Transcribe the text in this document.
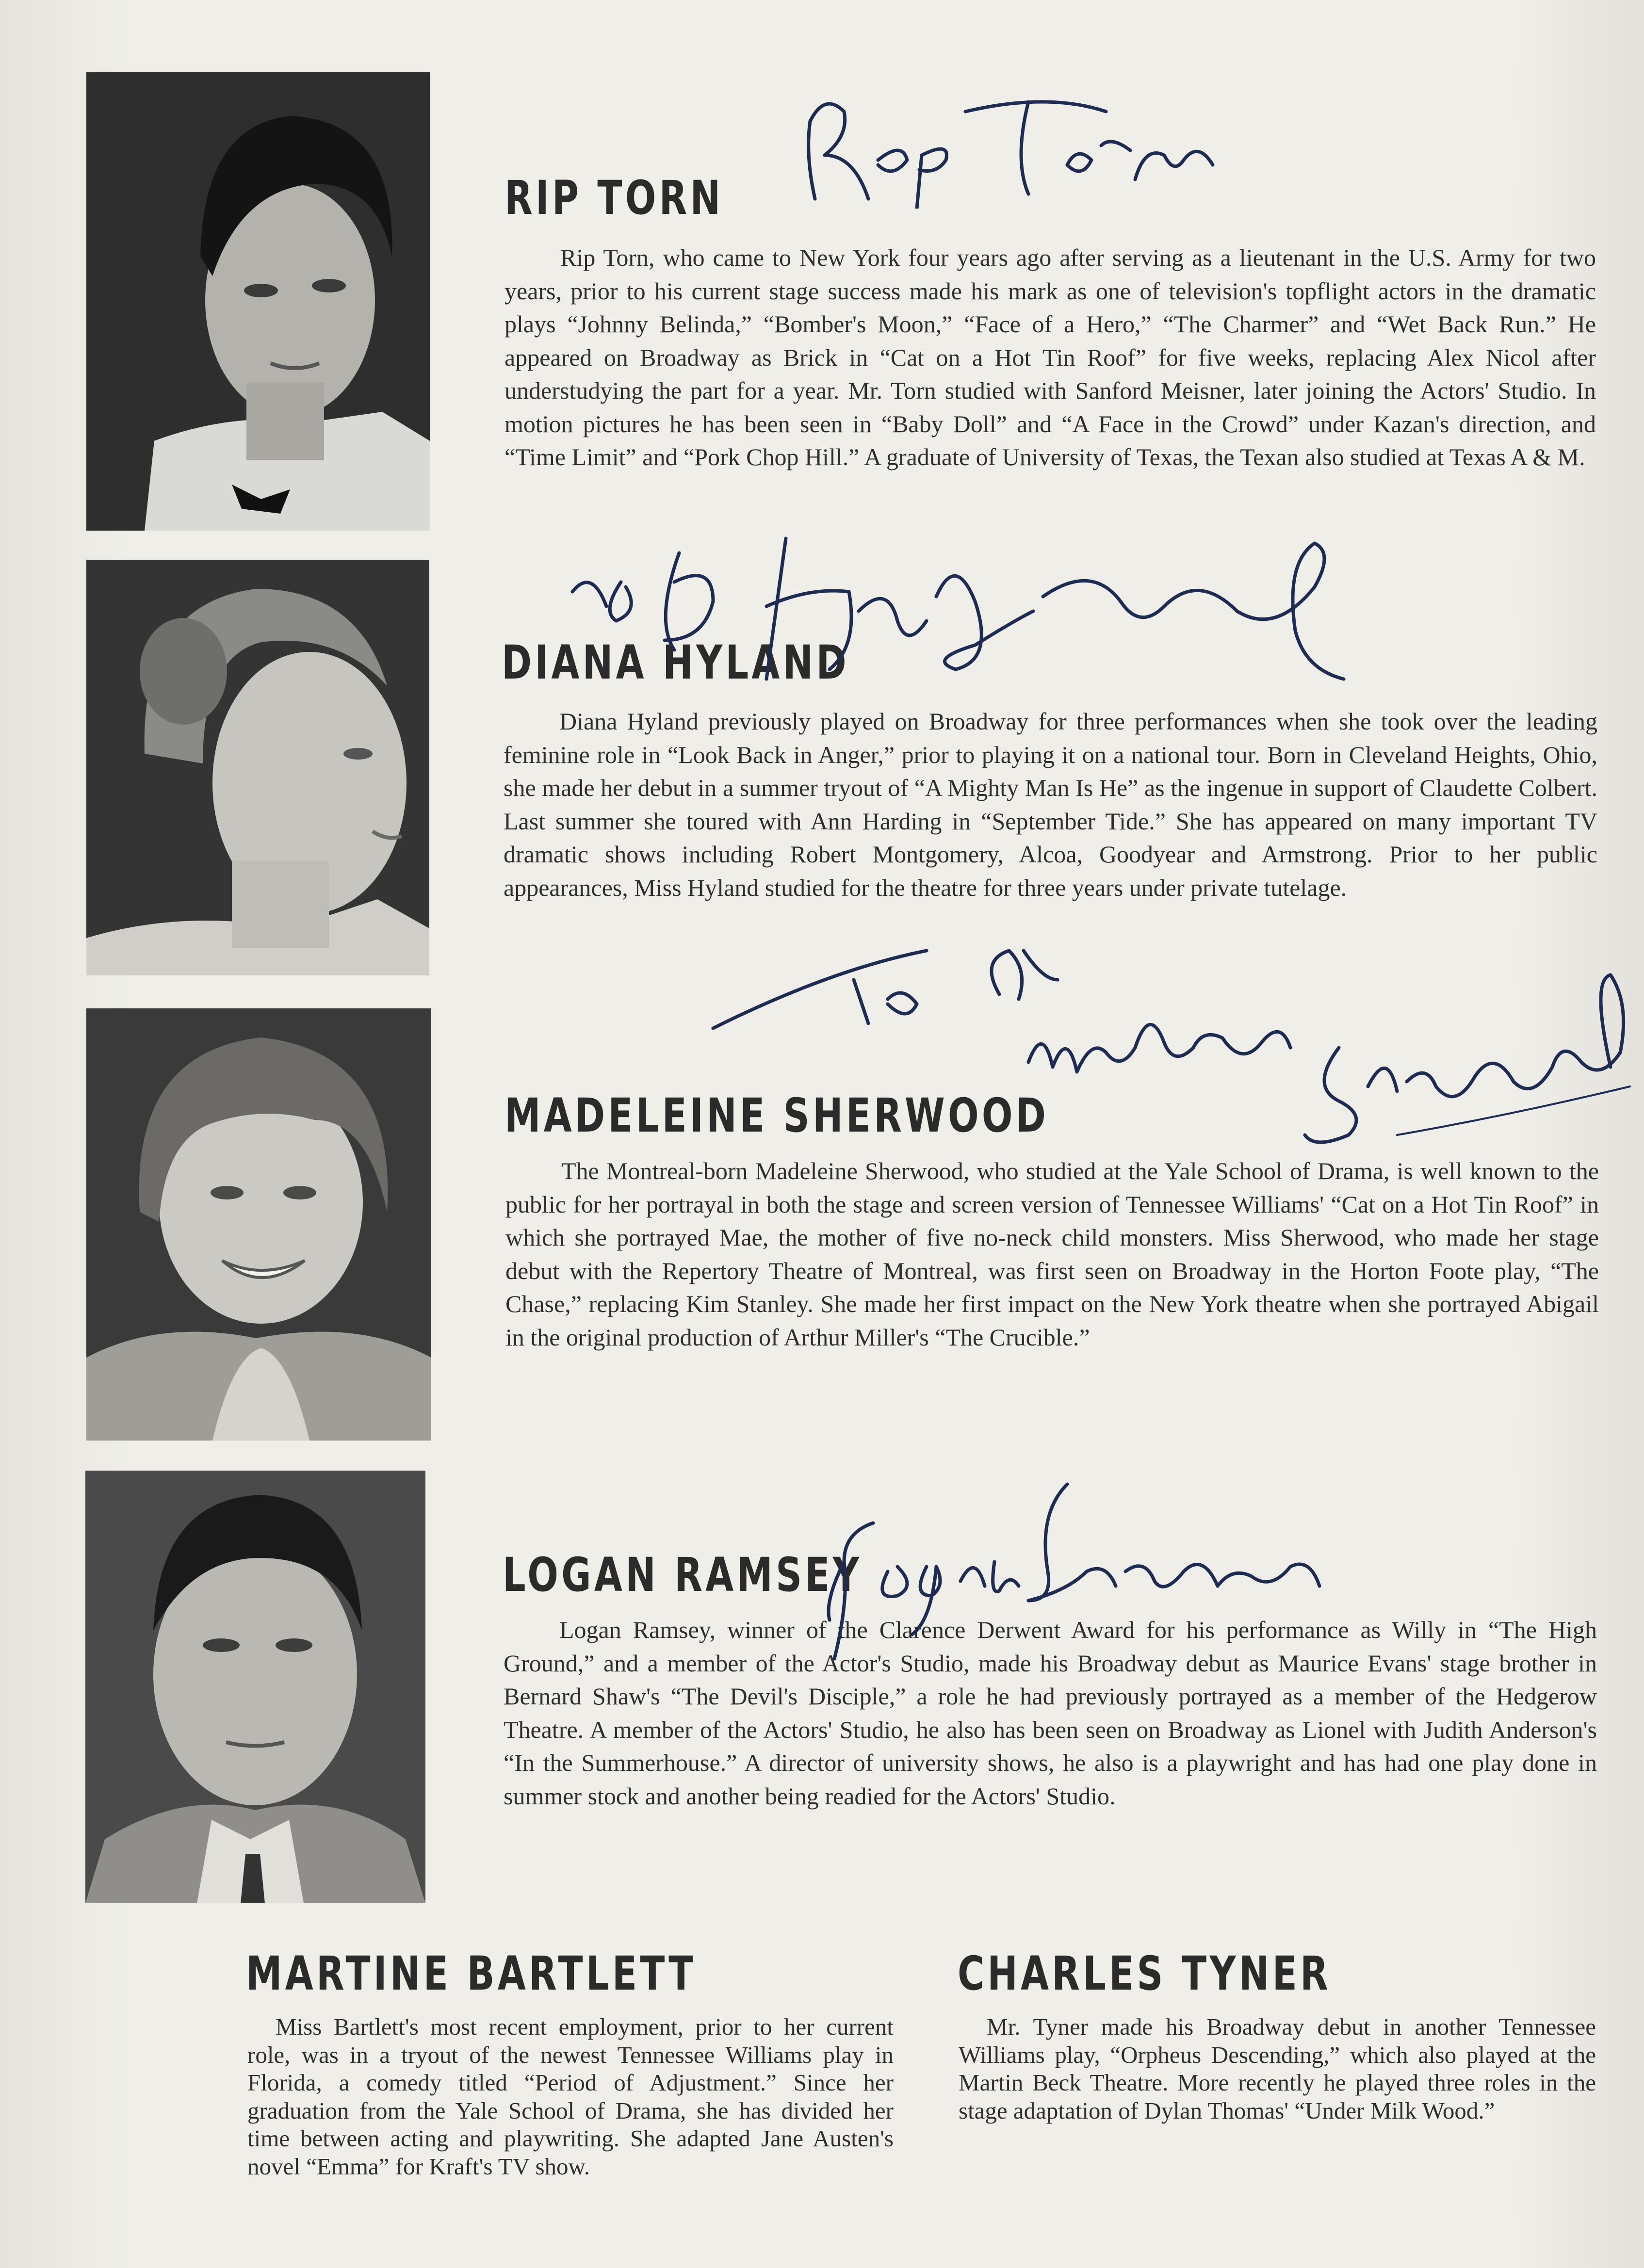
RIP TORN

Rip Torn, who came to New York four years ago after serving as a lieutenant in the U.S. Army for two years, prior to his current stage success made his mark as one of television's topflight actors in the dramatic plays “Johnny Belinda,” “Bomber's Moon,” “Face of a Hero,” “The Charmer” and “Wet Back Run.” He appeared on Broadway as Brick in “Cat on a Hot Tin Roof” for five weeks, replacing Alex Nicol after understudying the part for a year. Mr. Torn studied with Sanford Meisner, later joining the Actors' Studio. In motion pictures he has been seen in “Baby Doll” and “A Face in the Crowd” under Kazan's direction, and “Time Limit” and “Pork Chop Hill.” A graduate of University of Texas, the Texan also studied at Texas A & M.

DIANA HYLAND

Diana Hyland previously played on Broadway for three performances when she took over the leading feminine role in “Look Back in Anger,” prior to playing it on a national tour. Born in Cleveland Heights, Ohio, she made her debut in a summer tryout of “A Mighty Man Is He” as the ingenue in support of Claudette Colbert. Last summer she toured with Ann Harding in “September Tide.” She has appeared on many important TV dramatic shows including Robert Montgomery, Alcoa, Goodyear and Armstrong. Prior to her public appearances, Miss Hyland studied for the theatre for three years under private tutelage.

MADELEINE SHERWOOD

The Montreal-born Madeleine Sherwood, who studied at the Yale School of Drama, is well known to the public for her portrayal in both the stage and screen version of Tennessee Williams' “Cat on a Hot Tin Roof” in which she portrayed Mae, the mother of five no-neck child monsters. Miss Sherwood, who made her stage debut with the Repertory Theatre of Montreal, was first seen on Broadway in the Horton Foote play, “The Chase,” replacing Kim Stanley. She made her first impact on the New York theatre when she portrayed Abigail in the original production of Arthur Miller's “The Crucible.”

LOGAN RAMSEY

Logan Ramsey, winner of the Clarence Derwent Award for his performance as Willy in “The High Ground,” and a member of the Actor's Studio, made his Broadway debut as Maurice Evans' stage brother in Bernard Shaw's “The Devil's Disciple,” a role he had previously portrayed as a member of the Hedgerow Theatre. A member of the Actors' Studio, he also has been seen on Broadway as Lionel with Judith Anderson's “In the Summerhouse.” A director of university shows, he also is a playwright and has had one play done in summer stock and another being readied for the Actors' Studio.

MARTINE BARTLETT

Miss Bartlett's most recent employment, prior to her current role, was in a tryout of the newest Tennessee Williams play in Florida, a comedy titled “Period of Adjustment.” Since her graduation from the Yale School of Drama, she has divided her time between acting and playwriting. She adapted Jane Austen's novel “Emma” for Kraft's TV show.

CHARLES TYNER

Mr. Tyner made his Broadway debut in another Tennessee Williams play, “Orpheus Descending,” which also played at the Martin Beck Theatre. More recently he played three roles in the stage adaptation of Dylan Thomas' “Under Milk Wood.”
